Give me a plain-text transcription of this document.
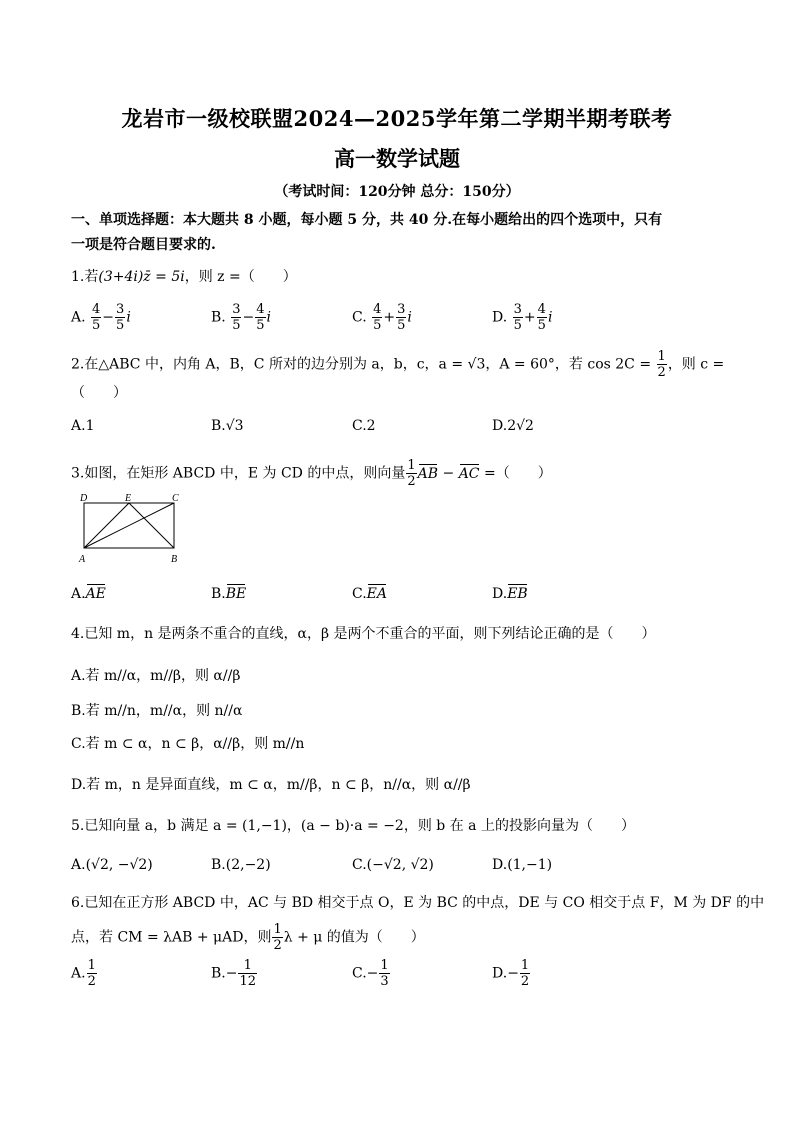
龙岩市一级校联盟2024—2025学年第二学期半期考联考
高一数学试题
（考试时间：120分钟 总分：150分）
一、单项选择题：本大题共 8 小题，每小题 5 分，共 40 分.在每小题给出的四个选项中，只有
一项是符合题目要求的.
1.若(3+4i)z̄ = 5i，则 z =（　　）
A. $\frac{4}{5} - \frac{3}{5}$ i	B. $\frac{3}{5} - \frac{4}{5}$ i	C. $\frac{4}{5} + \frac{3}{5}$ i	D. $\frac{3}{5} + \frac{4}{5}$ i
2.在△ABC 中，内角 A，B，C 所对的边分别为 a，b，c，a = √3，A = 60°，若 $\cos 2C = \frac{1}{2}$ ，则 c =
（　　）
A.1	B.√3	C.2	D.2√2
3.如图，在矩形 ABCD 中，E 为 CD 的中点，则向量 $\frac{1}{2}$ AB − AC =（　　）
D	E	C
A	B
A.AE	B.BE	C.EA	D.EB
4.已知 m，n 是两条不重合的直线，α，β 是两个不重合的平面，则下列结论正确的是（　　）
A.若 m//α，m//β，则 α//β
B.若 m//n，m//α，则 n//α
C.若 m ⊂ α，n ⊂ β，α//β，则 m//n
D.若 m，n 是异面直线，m ⊂ α，m//β，n ⊂ β，n//α，则 α//β
5.已知向量 a，b 满足 a = (1,−1)，(a − b)·a = −2，则 b 在 a 上的投影向量为（　　）
A.(√2, −√2)	B.(2,−2)	C.(−√2, √2)	D.(1,−1)
6.已知在正方形 ABCD 中，AC 与 BD 相交于点 O，E 为 BC 的中点，DE 与 CO 相交于点 F，M 为 DF 的中
点，若 CM = λAB + μAD，则 $\frac{1}{2}$ λ + μ 的值为（　　）
A. $\frac{1}{2}$	$B.- \frac{1}{12}$	$C.- \frac{1}{3}$	$D.- \frac{1}{2}$
